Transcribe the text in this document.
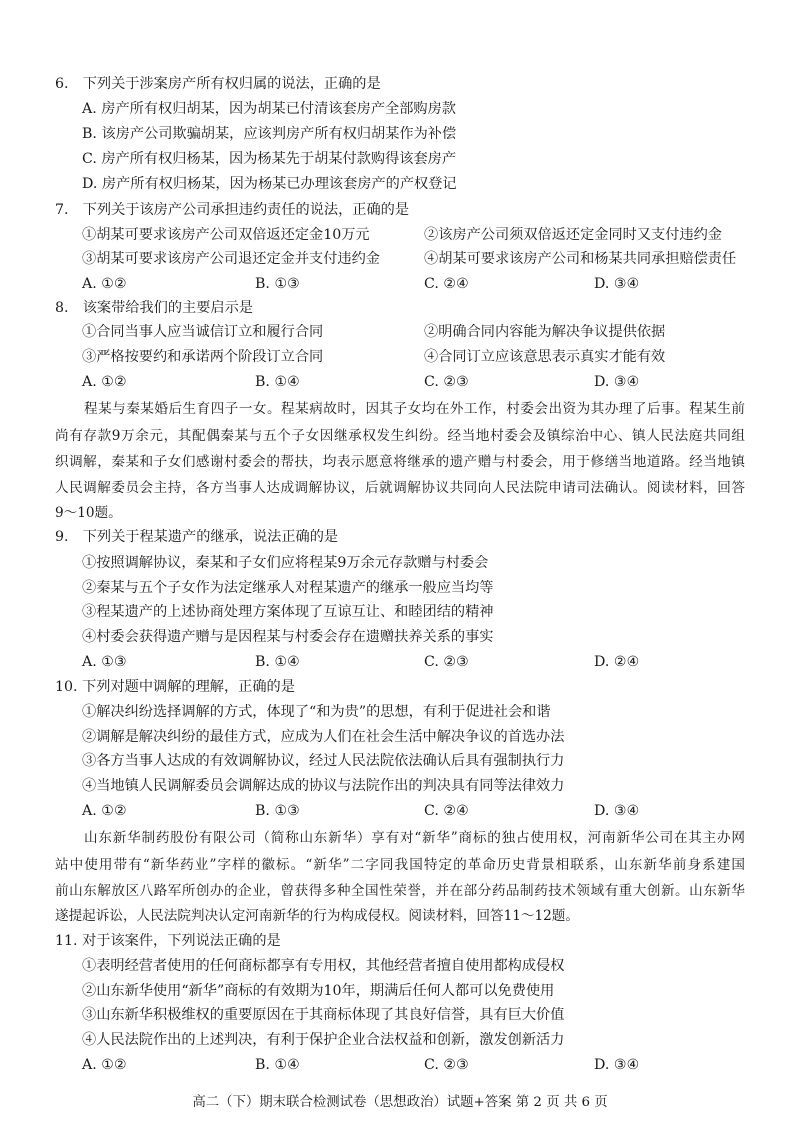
6.　下列关于涉案房产所有权归属的说法，正确的是
A. 房产所有权归胡某，因为胡某已付清该套房产全部购房款
B. 该房产公司欺骗胡某，应该判房产所有权归胡某作为补偿
C. 房产所有权归杨某，因为杨某先于胡某付款购得该套房产
D. 房产所有权归杨某，因为杨某已办理该套房产的产权登记
7.　下列关于该房产公司承担违约责任的说法，正确的是
①胡某可要求该房产公司双倍返还定金10万元	②该房产公司须双倍返还定金同时又支付违约金
③胡某可要求该房产公司退还定金并支付违约金	④胡某可要求该房产公司和杨某共同承担赔偿责任
A. ①②	B. ①③	C. ②④	D. ③④
8.　该案带给我们的主要启示是
①合同当事人应当诚信订立和履行合同	②明确合同内容能为解决争议提供依据
③严格按要约和承诺两个阶段订立合同	④合同订立应该意思表示真实才能有效
A. ①②	B. ①④	C. ②③	D. ③④
程某与秦某婚后生育四子一女。程某病故时，因其子女均在外工作，村委会出资为其办理了后事。程某生前
尚有存款9万余元，其配偶秦某与五个子女因继承权发生纠纷。经当地村委会及镇综治中心、镇人民法庭共同组
织调解，秦某和子女们感谢村委会的帮扶，均表示愿意将继承的遗产赠与村委会，用于修缮当地道路。经当地镇
人民调解委员会主持，各方当事人达成调解协议，后就调解协议共同向人民法院申请司法确认。阅读材料，回答
9～10题。
9.　下列关于程某遗产的继承，说法正确的是
①按照调解协议，秦某和子女们应将程某9万余元存款赠与村委会
②秦某与五个子女作为法定继承人对程某遗产的继承一般应当均等
③程某遗产的上述协商处理方案体现了互谅互让、和睦团结的精神
④村委会获得遗产赠与是因程某与村委会存在遗赠扶养关系的事实
A. ①③	B. ①④	C. ②③	D. ②④
10. 下列对题中调解的理解，正确的是
①解决纠纷选择调解的方式，体现了“和为贵”的思想，有利于促进社会和谐
②调解是解决纠纷的最佳方式，应成为人们在社会生活中解决争议的首选办法
③各方当事人达成的有效调解协议，经过人民法院依法确认后具有强制执行力
④当地镇人民调解委员会调解达成的协议与法院作出的判决具有同等法律效力
A. ①②	B. ①③	C. ②④	D. ③④
山东新华制药股份有限公司（简称山东新华）享有对“新华”商标的独占使用权，河南新华公司在其主办网
站中使用带有“新华药业”字样的徽标。“新华”二字同我国特定的革命历史背景相联系，山东新华前身系建国
前山东解放区八路军所创办的企业，曾获得多种全国性荣誉，并在部分药品制药技术领域有重大创新。山东新华
遂提起诉讼，人民法院判决认定河南新华的行为构成侵权。阅读材料，回答11～12题。
11. 对于该案件，下列说法正确的是
①表明经营者使用的任何商标都享有专用权，其他经营者擅自使用都构成侵权
②山东新华使用“新华”商标的有效期为10年，期满后任何人都可以免费使用
③山东新华积极维权的重要原因在于其商标体现了其良好信誉，具有巨大价值
④人民法院作出的上述判决，有利于保护企业合法权益和创新，激发创新活力
A. ①②	B. ①④	C. ②③	D. ③④
高二（下）期末联合检测试卷（思想政治）试题+答案 第 2 页 共 6 页
